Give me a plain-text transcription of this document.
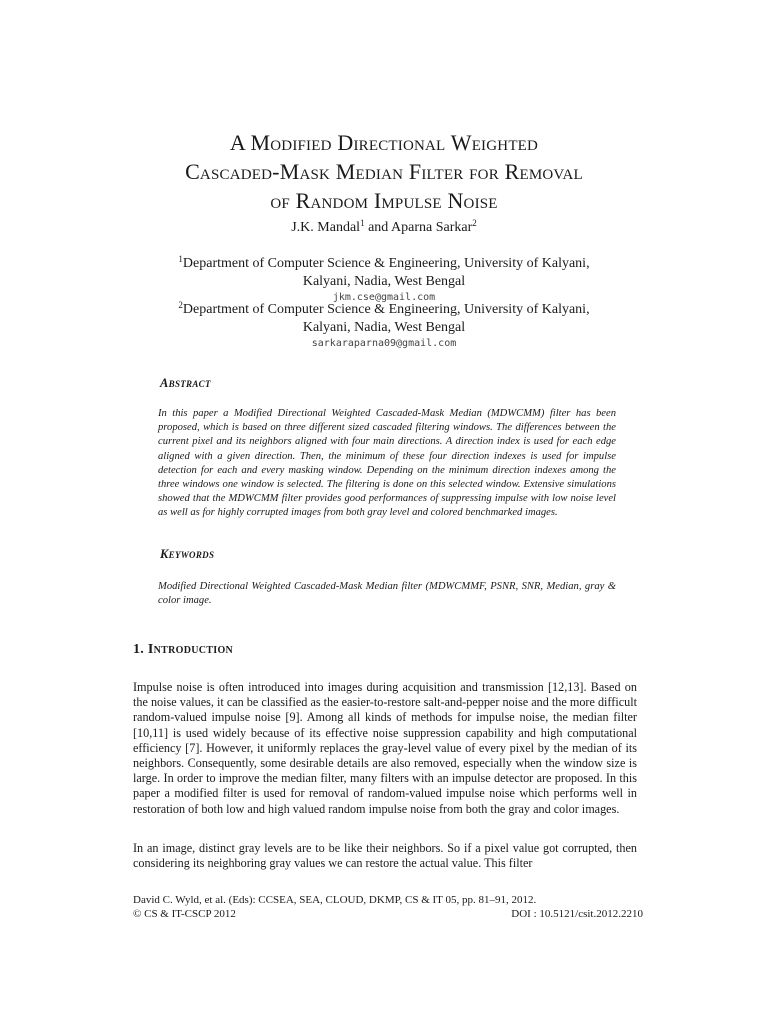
A Modified Directional Weighted
Cascaded-Mask Median Filter for Removal
of Random Impulse Noise
J.K. Mandal$^1$ and Aparna Sarkar$^2$
$^1$Department of Computer Science & Engineering, University of Kalyani,
Kalyani, Nadia, West Bengal
jkm.cse@gmail.com
$^2$Department of Computer Science & Engineering, University of Kalyani,
Kalyani, Nadia, West Bengal
sarkaraparna09@gmail.com
Abstract
In this paper a Modified Directional Weighted Cascaded-Mask Median (MDWCMM) filter has been proposed, which is based on three different sized cascaded filtering windows. The differences between the current pixel and its neighbors aligned with four main directions. A direction index is used for each edge aligned with a given direction. Then, the minimum of these four direction indexes is used for impulse detection for each and every masking window. Depending on the minimum direction indexes among the three windows one window is selected. The filtering is done on this selected window. Extensive simulations showed that the MDWCMM filter provides good performances of suppressing impulse with low noise level as well as for highly corrupted images from both gray level and colored benchmarked images.
Keywords
Modified Directional Weighted Cascaded-Mask Median filter (MDWCMMF, PSNR, SNR, Median, gray & color image.
1. Introduction
Impulse noise is often introduced into images during acquisition and transmission [12,13]. Based on the noise values, it can be classified as the easier-to-restore salt-and-pepper noise and the more difficult random-valued impulse noise [9]. Among all kinds of methods for impulse noise, the median filter [10,11] is used widely because of its effective noise suppression capability and high computational efficiency [7]. However, it uniformly replaces the gray-level value of every pixel by the median of its neighbors. Consequently, some desirable details are also removed, especially when the window size is large. In order to improve the median filter, many filters with an impulse detector are proposed. In this paper a modified filter is used for removal of random-valued impulse noise which performs well in restoration of both low and high valued random impulse noise from both the gray and color images.
In an image, distinct gray levels are to be like their neighbors. So if a pixel value got corrupted, then considering its neighboring gray values we can restore the actual value. This filter
David C. Wyld, et al. (Eds): CCSEA, SEA, CLOUD, DKMP, CS & IT 05, pp. 81–91, 2012.
© CS & IT-CSCP 2012	DOI : 10.5121/csit.2012.2210
